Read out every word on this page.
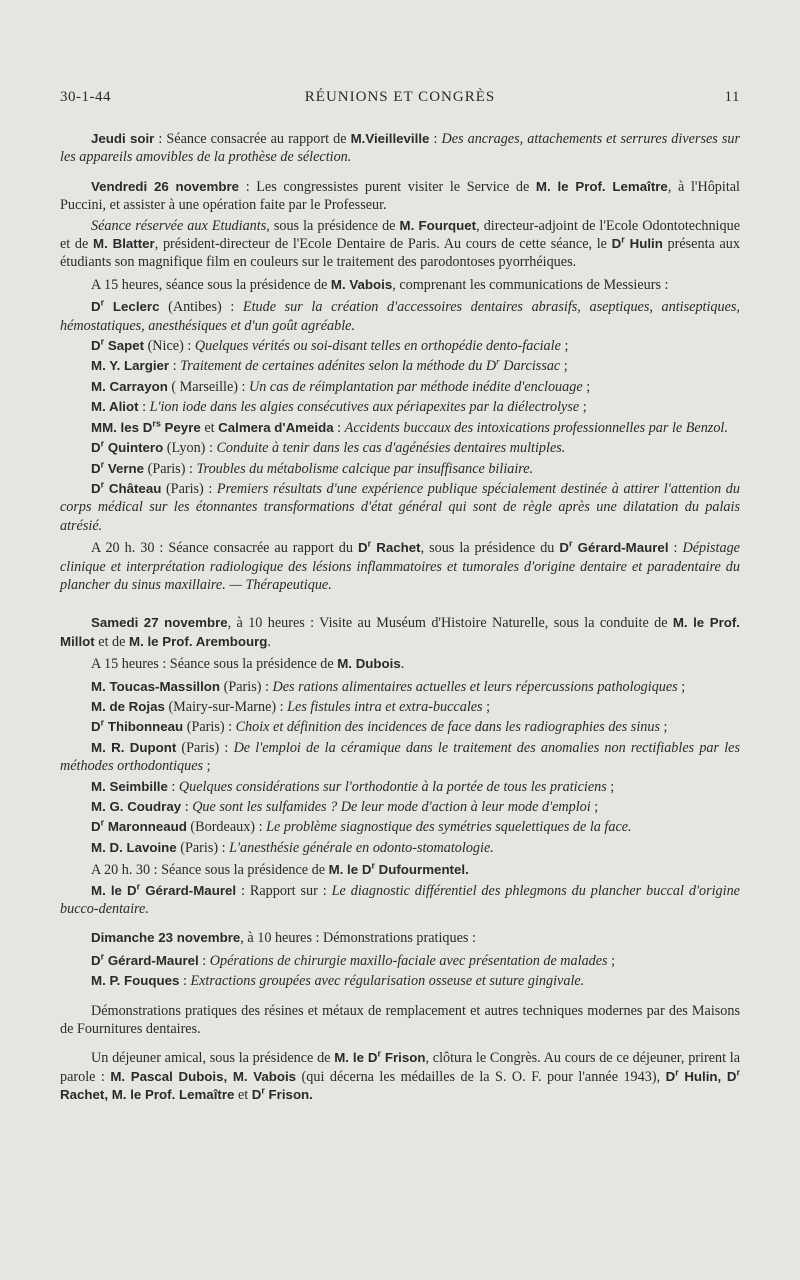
30-1-44	RÉUNIONS ET CONGRÈS	11

Jeudi soir : Séance consacrée au rapport de M.Vieilleville : Des ancrages, attachements et serrures diverses sur les appareils amovibles de la prothèse de sélection.

Vendredi 26 novembre : Les congressistes purent visiter le Service de M. le Prof. Lemaître, à l'Hôpital Puccini, et assister à une opération faite par le Professeur.

Séance réservée aux Etudiants, sous la présidence de M. Fourquet, directeur-adjoint de l'Ecole Odontotechnique et de M. Blatter, président-directeur de l'Ecole Dentaire de Paris. Au cours de cette séance, le $D^r$ Hulin présenta aux étudiants son magnifique film en couleurs sur le traitement des parodontoses pyorrhéiques.

A 15 heures, séance sous la présidence de M. Vabois, comprenant les communications de Messieurs :

$D^r$ Leclerc (Antibes) : Etude sur la création d'accessoires dentaires abrasifs, aseptiques, antiseptiques, hémostatiques, anesthésiques et d'un goût agréable.

$D^r$ Sapet (Nice) : Quelques vérités ou soi-disant telles en orthopédie dento-faciale ;

M. Y. Largier : Traitement de certaines adénites selon la méthode du $D^r$ Darcissac ;

M. Carrayon ( Marseille) : Un cas de réimplantation par méthode inédite d'enclouage ;

M. Aliot : L'ion iode dans les algies consécutives aux périapexites par la diélectrolyse ;

MM. les $D^{rs}$ Peyre et Calmera d'Ameida : Accidents buccaux des intoxications professionnelles par le Benzol.

$D^r$ Quintero (Lyon) : Conduite à tenir dans les cas d'agénésies dentaires multiples.

$D^r$ Verne (Paris) : Troubles du métabolisme calcique par insuffisance biliaire.

$D^r$ Château (Paris) : Premiers résultats d'une expérience publique spécialement destinée à attirer l'attention du corps médical sur les étonnantes transformations d'état général qui sont de règle après une dilatation du palais atrésié.

A 20 h. 30 : Séance consacrée au rapport du $D^r$ Rachet, sous la présidence du $D^r$ Gérard-Maurel : Dépistage clinique et interprétation radiologique des lésions inflammatoires et tumorales d'origine dentaire et paradentaire du plancher du sinus maxillaire. — Thérapeutique.

Samedi 27 novembre, à 10 heures : Visite au Muséum d'Histoire Naturelle, sous la conduite de M. le Prof. Millot et de M. le Prof. Arembourg.

A 15 heures : Séance sous la présidence de M. Dubois.

M. Toucas-Massillon (Paris) : Des rations alimentaires actuelles et leurs répercussions pathologiques ;

M. de Rojas (Mairy-sur-Marne) : Les fistules intra et extra-buccales ;

$D^r$ Thibonneau (Paris) : Choix et définition des incidences de face dans les radiographies des sinus ;

M. R. Dupont (Paris) : De l'emploi de la céramique dans le traitement des anomalies non rectifiables par les méthodes orthodontiques ;

M. Seimbille : Quelques considérations sur l'orthodontie à la portée de tous les praticiens ;

M. G. Coudray : Que sont les sulfamides ? De leur mode d'action à leur mode d'emploi ;

$D^r$ Maronneaud (Bordeaux) : Le problème siagnostique des symétries squelettiques de la face.

M. D. Lavoine (Paris) : L'anesthésie générale en odonto-stomatologie.

A 20 h. 30 : Séance sous la présidence de M. le $D^r$ Dufourmentel.

M. le $D^r$ Gérard-Maurel : Rapport sur : Le diagnostic différentiel des phlegmons du plancher buccal d'origine bucco-dentaire.

Dimanche 23 novembre, à 10 heures : Démonstrations pratiques :

$D^r$ Gérard-Maurel : Opérations de chirurgie maxillo-faciale avec présentation de malades ;

M. P. Fouques : Extractions groupées avec régularisation osseuse et suture gingivale.

Démonstrations pratiques des résines et métaux de remplacement et autres techniques modernes par des Maisons de Fournitures dentaires.

Un déjeuner amical, sous la présidence de M. le $D^r$ Frison, clôtura le Congrès. Au cours de ce déjeuner, prirent la parole : M. Pascal Dubois, M. Vabois (qui décerna les médailles de la S. O. F. pour l'année 1943), $D^r$ Hulin, $D^r$ Rachet, M. le Prof. Lemaître et $D^r$ Frison.
